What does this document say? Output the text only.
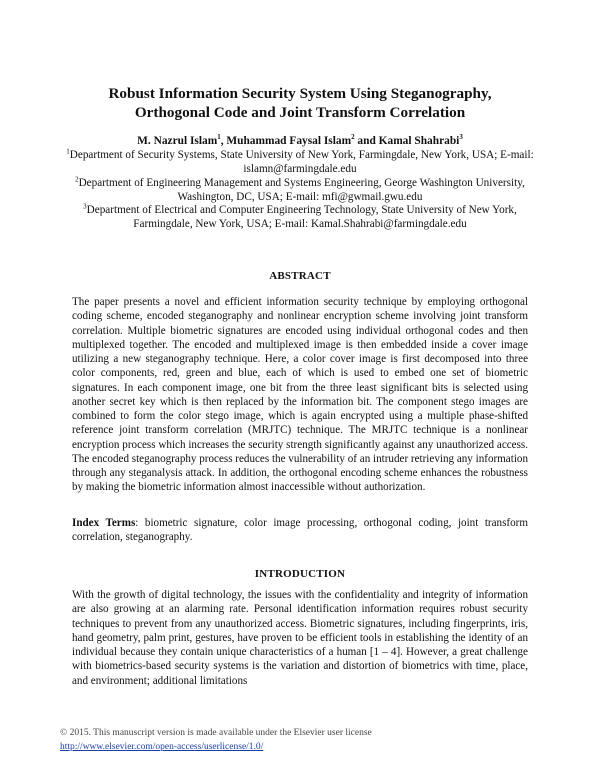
Robust Information Security System Using Steganography,
Orthogonal Code and Joint Transform Correlation
M. Nazrul Islam$^1$, Muhammad Faysal Islam$^2$ and Kamal Shahrabi$^3$
$^1$Department of Security Systems, State University of New York, Farmingdale, New York, USA; E-mail: islamn@farmingdale.edu
$^2$Department of Engineering Management and Systems Engineering, George Washington University, Washington, DC, USA; E-mail: mfi@gwmail.gwu.edu
$^3$Department of Electrical and Computer Engineering Technology, State University of New York, Farmingdale, New York, USA; E-mail: Kamal.Shahrabi@farmingdale.edu
ABSTRACT
The paper presents a novel and efficient information security technique by employing orthogonal coding scheme, encoded steganography and nonlinear encryption scheme involving joint transform correlation. Multiple biometric signatures are encoded using individual orthogonal codes and then multiplexed together. The encoded and multiplexed image is then embedded inside a cover image utilizing a new steganography technique. Here, a color cover image is first decomposed into three color components, red, green and blue, each of which is used to embed one set of biometric signatures. In each component image, one bit from the three least significant bits is selected using another secret key which is then replaced by the information bit. The component stego images are combined to form the color stego image, which is again encrypted using a multiple phase-shifted reference joint transform correlation (MRJTC) technique. The MRJTC technique is a nonlinear encryption process which increases the security strength significantly against any unauthorized access. The encoded steganography process reduces the vulnerability of an intruder retrieving any information through any steganalysis attack. In addition, the orthogonal encoding scheme enhances the robustness by making the biometric information almost inaccessible without authorization.
Index Terms: biometric signature, color image processing, orthogonal coding, joint transform correlation, steganography.
INTRODUCTION
With the growth of digital technology, the issues with the confidentiality and integrity of information are also growing at an alarming rate. Personal identification information requires robust security techniques to prevent from any unauthorized access. Biometric signatures, including fingerprints, iris, hand geometry, palm print, gestures, have proven to be efficient tools in establishing the identity of an individual because they contain unique characteristics of a human [1 – 4]. However, a great challenge with biometrics-based security systems is the variation and distortion of biometrics with time, place, and environment; additional limitations
© 2015. This manuscript version is made available under the Elsevier user license
http://www.elsevier.com/open-access/userlicense/1.0/
